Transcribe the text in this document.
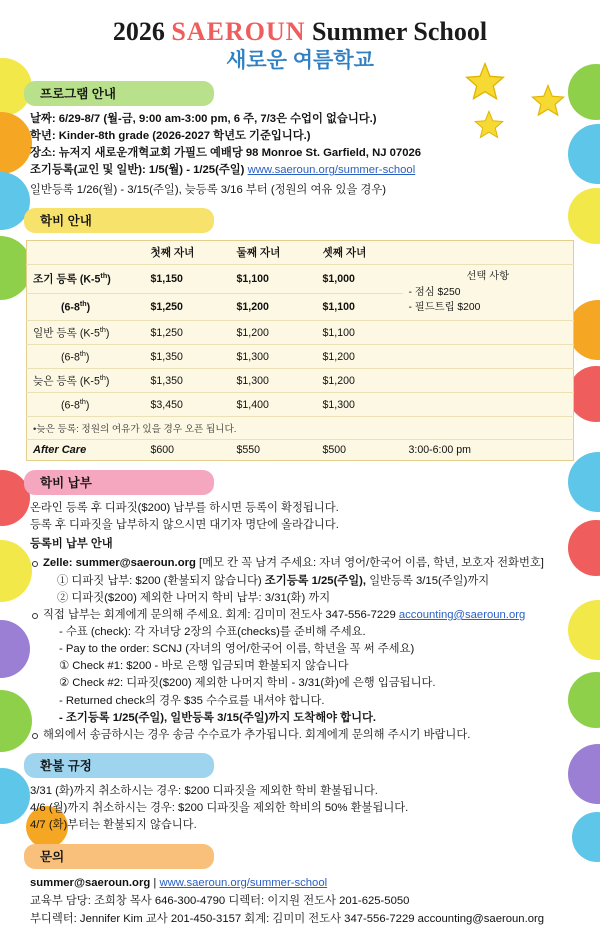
2026 SAEROUN Summer School
새로운 여름학교
프로그램 안내
날짜: 6/29-8/7 (월-금, 9:00 am-3:00 pm, 6 주, 7/3은 수업이 없습니다.)
학년: Kinder-8th grade (2026-2027 학년도 기준입니다.)
장소: 뉴저지 새로운개혁교회 가필드 예배당 98 Monroe St. Garfield, NJ 07026
조기등록(교인 및 일반): 1/5(월) - 1/25(주일) www.saeroun.org/summer-school
일반등록 1/26(월) - 3/15(주일), 늦등록 3/16 부터 (정원의 여유 있을 경우)
학비 안내
	첫째 자녀	둘째 자녀	셋째 자녀	
조기 등록 (K-5th)	$1,150	$1,100	$1,000	선택 사항
- 점심 $250
- 필드트립 $200

(6-8th)	$1,250	$1,200	$1,100	
일반 등록 (K-5th)	$1,250	$1,200	$1,100	
(6-8th)	$1,350	$1,300	$1,200	
늦은 등록 (K-5th)	$1,350	$1,300	$1,200	
(6-8th)	$3,450	$1,400	$1,300	
•늦은 등록: 정원의 여유가 있을 경우 오픈 됩니다.				
After Care	$600	$550	$500	3:00-6:00 pm
학비 납부
온라인 등록 후 디파짓($200) 납부를 하시면 등록이 확정됩니다.
등록 후 디파짓을 납부하지 않으시면 대기자 명단에 올라갑니다.
등록비 납부 안내
Zelle: summer@saeroun.org [메모 칸 꼭 남겨 주세요: 자녀 영어/한국어 이름, 학년, 보호자 전화번호]
① 디파짓 납부: $200 (환불되지 않습니다) 조기등록 1/25(주일), 일반등록 3/15(주일)까지
② 디파짓($200) 제외한 나머지 학비 납부: 3/31(화) 까지
직접 납부는 회계에게 문의해 주세요. 회계: 김미미 전도사 347-556-7229 accounting@saeroun.org
- 수표 (check): 각 자녀당 2장의 수표(checks)를 준비해 주세요.
- Pay to the order: SCNJ (자녀의 영어/한국어 이름, 학년을 꼭 써 주세요)
① Check #1: $200 - 바로 은행 입금되며 환불되지 않습니다
② Check #2: 디파짓($200) 제외한 나머지 학비 - 3/31(화)에 은행 입금됩니다.
- Returned check의 경우 $35 수수료를 내셔야 합니다.
- 조기등록 1/25(주일), 일반등록 3/15(주일)까지 도착해야 합니다.
해외에서 송금하시는 경우 송금 수수료가 추가됩니다. 회계에게 문의해 주시기 바랍니다.
환불 규정
3/31 (화)까지 취소하시는 경우: $200 디파짓을 제외한 학비 환불됩니다.
4/6 (월)까지 취소하시는 경우: $200 디파짓을 제외한 학비의 50% 환불됩니다.
4/7 (화)부터는 환불되지 않습니다.
문의
summer@saeroun.org | www.saeroun.org/summer-school
교육부 담당: 조희창 목사 646-300-4790 디렉터: 이지원 전도사 201-625-5050
부디렉터: Jennifer Kim 교사 201-450-3157 회계: 김미미 전도사 347-556-7229 accounting@saeroun.org
